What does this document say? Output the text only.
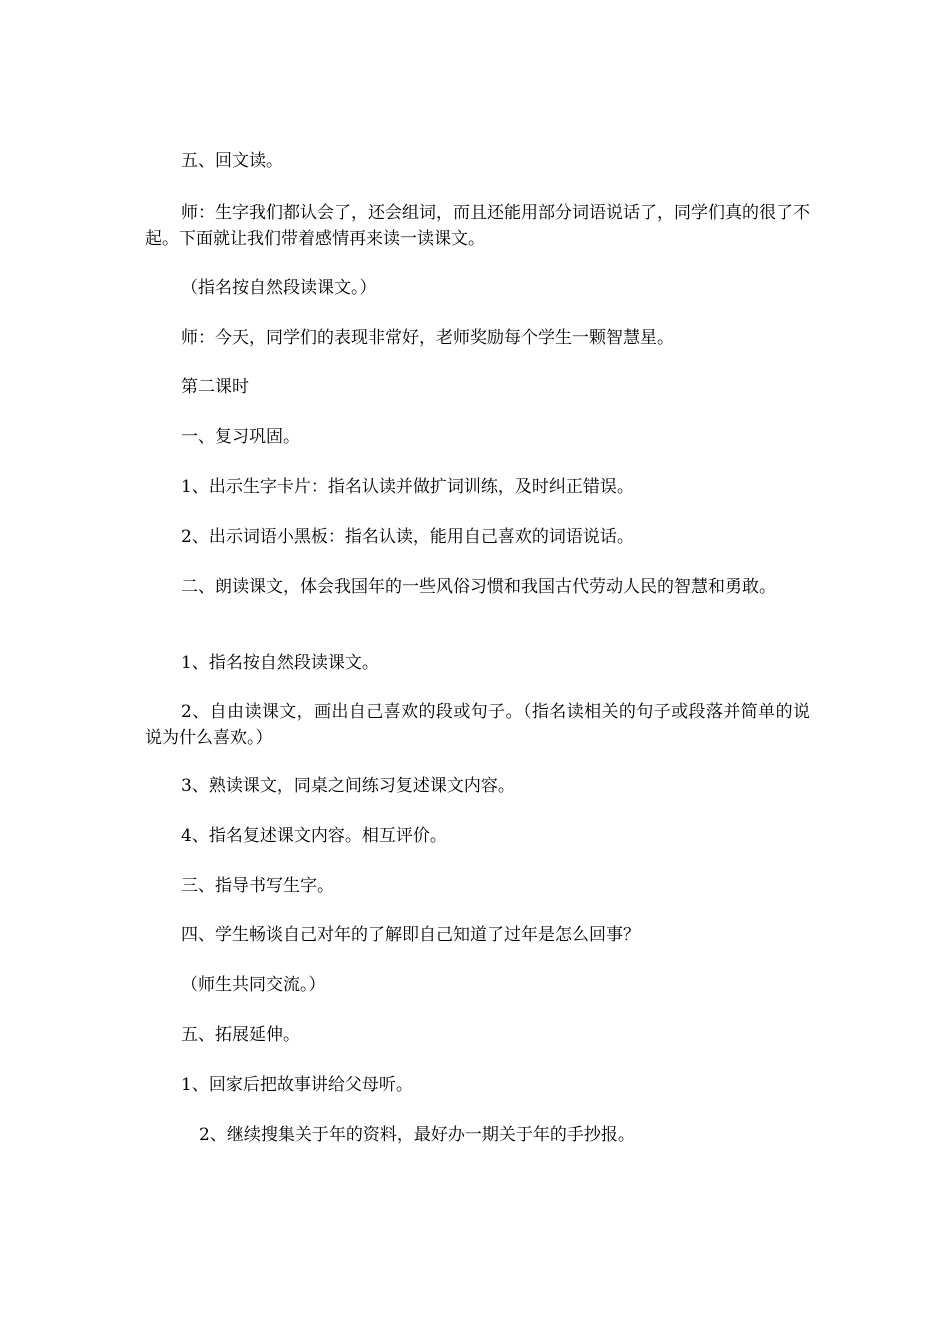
五、回文读。

师：生字我们都认会了，还会组词，而且还能用部分词语说话了，同学们真的很了不起。下面就让我们带着感情再来读一读课文。

（指名按自然段读课文。）

师：今天，同学们的表现非常好，老师奖励每个学生一颗智慧星。

第二课时

一、复习巩固。

1、出示生字卡片：指名认读并做扩词训练，及时纠正错误。

2、出示词语小黑板：指名认读，能用自己喜欢的词语说话。

二、朗读课文，体会我国年的一些风俗习惯和我国古代劳动人民的智慧和勇敢。

1、指名按自然段读课文。

2、自由读课文，画出自己喜欢的段或句子。（指名读相关的句子或段落并简单的说说为什么喜欢。）

3、熟读课文，同桌之间练习复述课文内容。

4、指名复述课文内容。相互评价。

三、指导书写生字。

四、学生畅谈自己对年的了解即自己知道了过年是怎么回事？

（师生共同交流。）

五、拓展延伸。

1、回家后把故事讲给父母听。

2、继续搜集关于年的资料，最好办一期关于年的手抄报。
